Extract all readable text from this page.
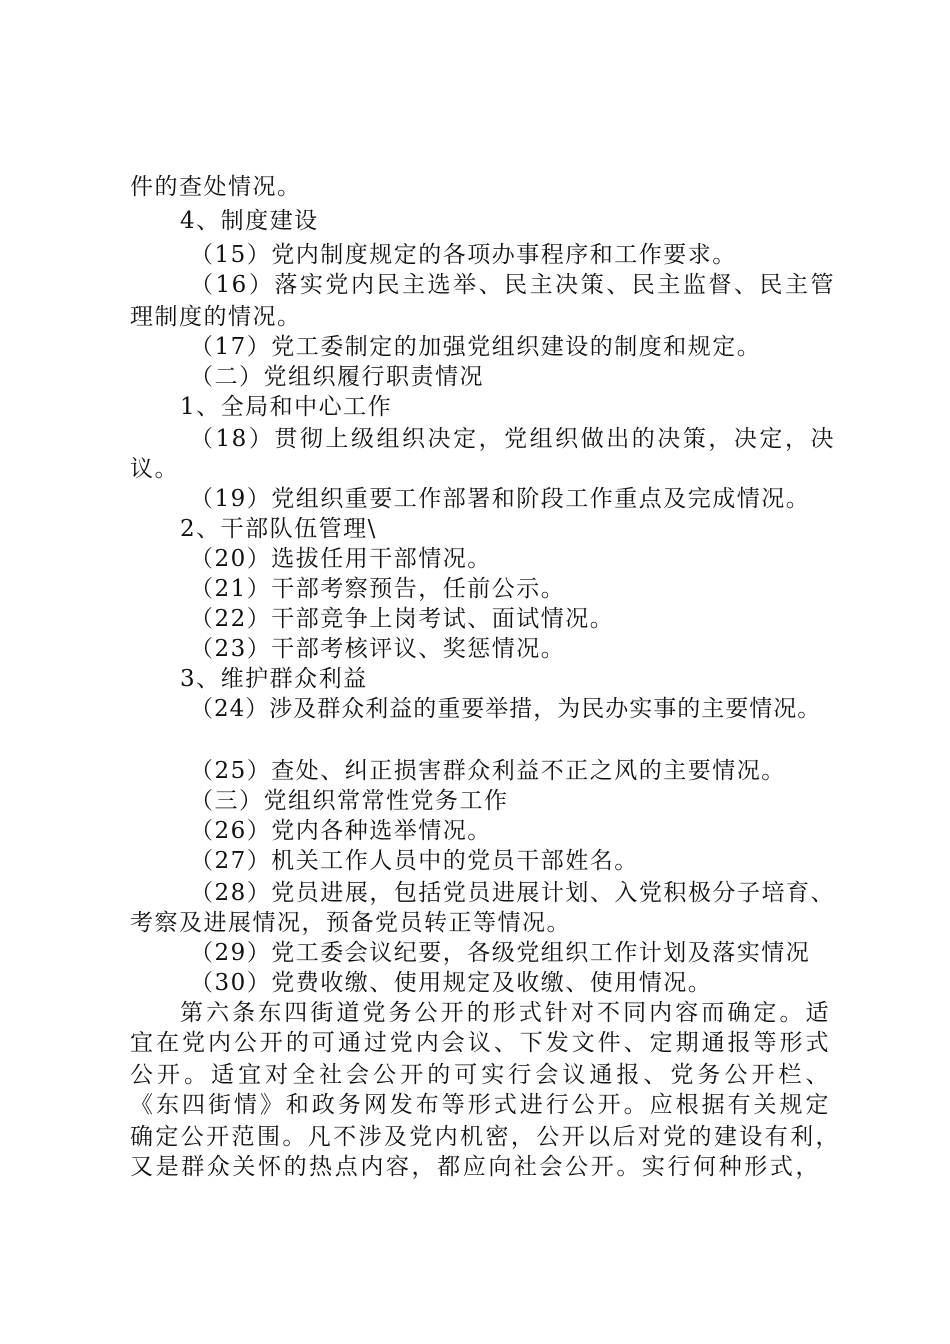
件的查处情况。
4、制度建设
（15）党内制度规定的各项办事程序和工作要求。
（16）落实党内民主选举、民主决策、民主监督、民主管
理制度的情况。
（17）党工委制定的加强党组织建设的制度和规定。
（二）党组织履行职责情况
1、全局和中心工作
（18）贯彻上级组织决定，党组织做出的决策，决定，决
议。
（19）党组织重要工作部署和阶段工作重点及完成情况。
2、干部队伍管理\
（20）选拔任用干部情况。
（21）干部考察预告，任前公示。
（22）干部竞争上岗考试、面试情况。
（23）干部考核评议、奖惩情况。
3、维护群众利益
（24）涉及群众利益的重要举措，为民办实事的主要情况。
（25）查处、纠正损害群众利益不正之风的主要情况。
（三）党组织常常性党务工作
（26）党内各种选举情况。
（27）机关工作人员中的党员干部姓名。
（28）党员进展，包括党员进展计划、入党积极分子培育、
考察及进展情况，预备党员转正等情况。
（29）党工委会议纪要，各级党组织工作计划及落实情况
（30）党费收缴、使用规定及收缴、使用情况。
第六条东四街道党务公开的形式针对不同内容而确定。适
宜在党内公开的可通过党内会议、下发文件、定期通报等形式
公开。适宜对全社会公开的可实行会议通报、党务公开栏、
《东四街情》和政务网发布等形式进行公开。应根据有关规定
确定公开范围。凡不涉及党内机密，公开以后对党的建设有利，
又是群众关怀的热点内容，都应向社会公开。实行何种形式，
